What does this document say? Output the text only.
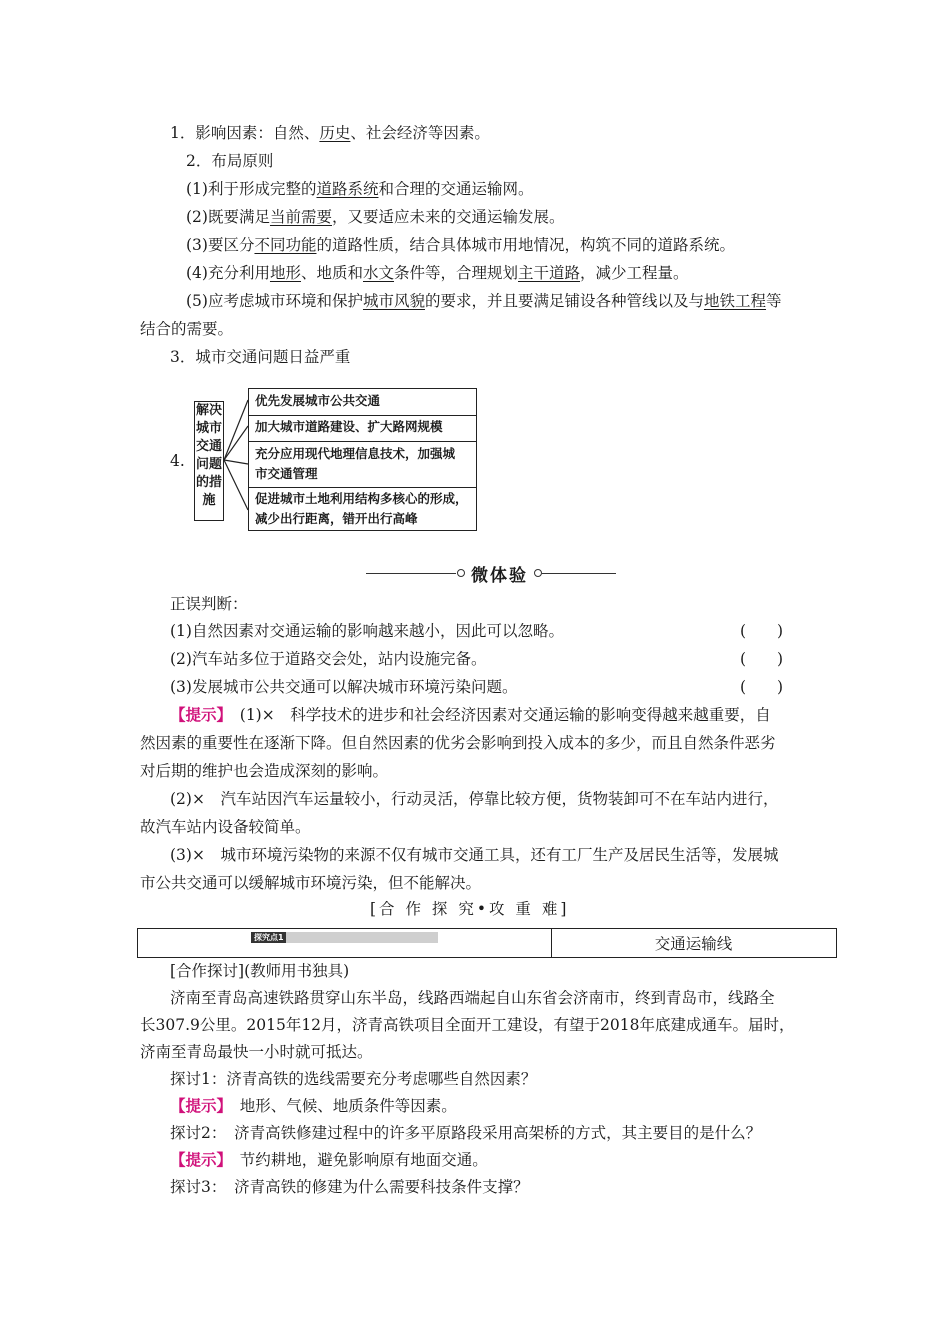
1．影响因素：自然、历史、社会经济等因素。
2．布局原则
(1)利于形成完整的道路系统和合理的交通运输网。
(2)既要满足当前需要，又要适应未来的交通运输发展。
(3)要区分不同功能的道路性质，结合具体城市用地情况，构筑不同的道路系统。
(4)充分利用地形、地质和水文条件等，合理规划主干道路，减少工程量。
(5)应考虑城市环境和保护城市风貌的要求，并且要满足铺设各种管线以及与地铁工程等
结合的需要。
3．城市交通问题日益严重
4.
解决
城市
交通
问题
的措
施
优先发展城市公共交通
加大城市道路建设、扩大路网规模
充分应用现代地理信息技术，加强城
市交通管理
促进城市土地利用结构多核心的形成，
减少出行距离，错开出行高峰
微体验
正误判断：
(1)自然因素对交通运输的影响越来越小，因此可以忽略。	(　　)
(2)汽车站多位于道路交会处，站内设施完备。	(　　)
(3)发展城市公共交通可以解决城市环境污染问题。	(　　)
【提示】　(1)×　科学技术的进步和社会经济因素对交通运输的影响变得越来越重要，自
然因素的重要性在逐渐下降。但自然因素的优劣会影响到投入成本的多少，而且自然条件恶劣
对后期的维护也会造成深刻的影响。
(2)×　汽车站因汽车运量较小，行动灵活，停靠比较方便，货物装卸可不在车站内进行，
故汽车站内设备较简单。
(3)×　城市环境污染物的来源不仅有城市交通工具，还有工厂生产及居民生活等，发展城
市公共交通可以缓解城市环境污染，但不能解决。
[合 作 探 究•攻 重 难]
探究点1	交通运输线
[合作探讨](教师用书独具)
济南至青岛高速铁路贯穿山东半岛，线路西端起自山东省会济南市，终到青岛市，线路全
长307.9公里。2015年12月，济青高铁项目全面开工建设，有望于2018年底建成通车。届时，
济南至青岛最快一小时就可抵达。
探讨1：济青高铁的选线需要充分考虑哪些自然因素？
【提示】　地形、气候、地质条件等因素。
探讨2：　济青高铁修建过程中的许多平原路段采用高架桥的方式，其主要目的是什么？
【提示】　节约耕地，避免影响原有地面交通。
探讨3：　济青高铁的修建为什么需要科技条件支撑？
